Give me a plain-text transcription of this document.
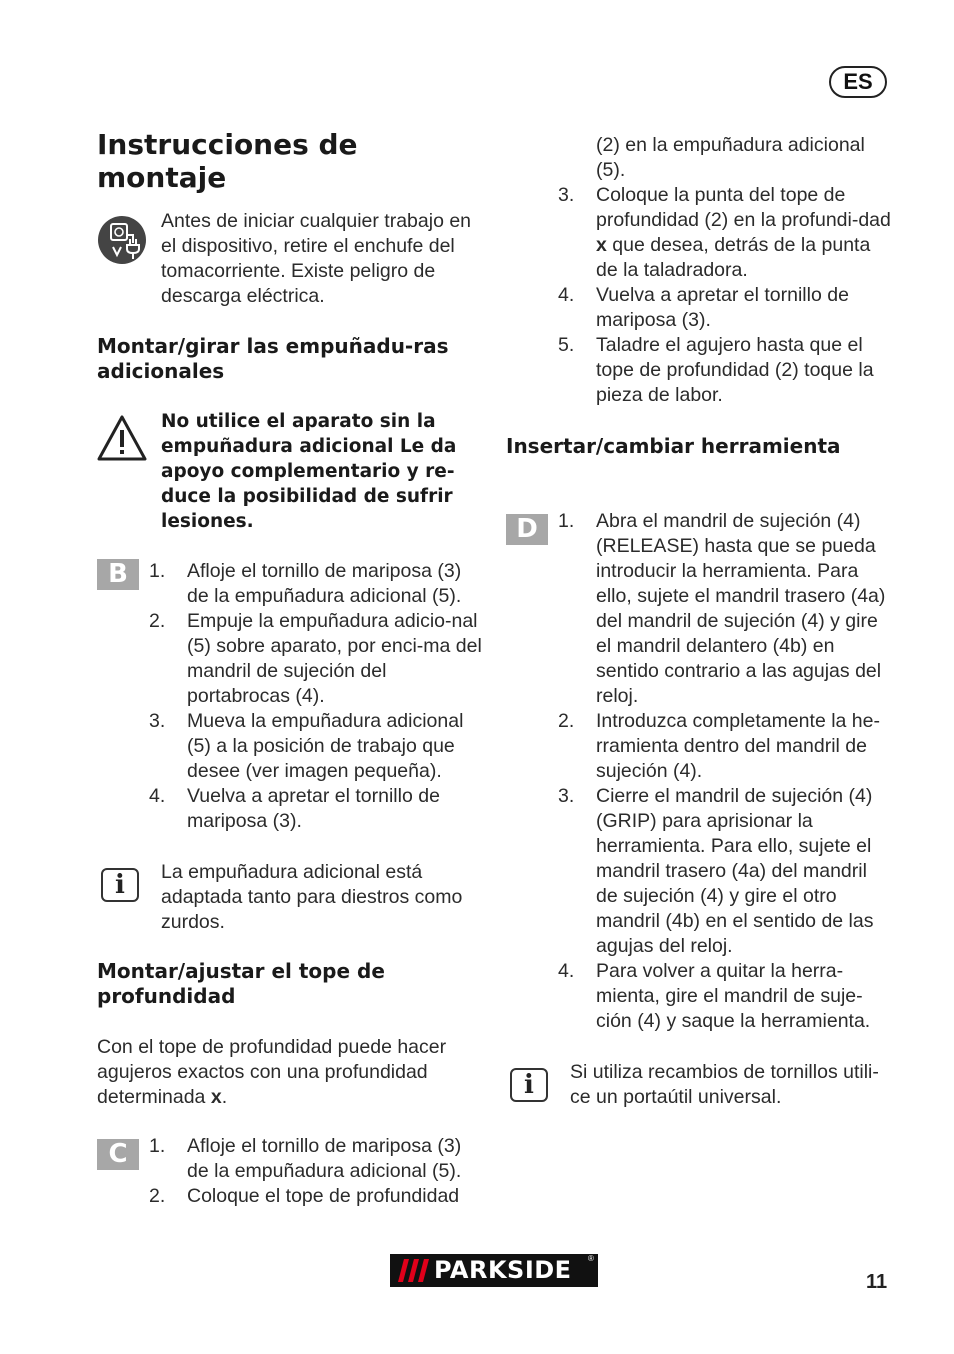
ES
Instrucciones de montaje

Antes de iniciar cualquier trabajo en el dispositivo, retire el enchufe del tomacorriente. Existe peligro de descarga eléctrica.

Montar/girar las empuñadu-ras adicionales

No utilice el aparato sin la empuñadura adicional Le da apoyo complementario y re-duce la posibilidad de sufrir lesiones.

B	1. Afloje el tornillo de mariposa (3) de la empuñadura adicional (5).
2. Empuje la empuñadura adicio-nal (5) sobre aparato, por enci-ma del mandril de sujeción del portabrocas (4).
3. Mueva la empuñadura adicional (5) a la posición de trabajo que desee (ver imagen pequeña).
4. Vuelva a apretar el tornillo de mariposa (3).
i	La empuñadura adicional está adaptada tanto para diestros como zurdos.

Montar/ajustar el tope de profundidad

Con el tope de profundidad puede hacer agujeros exactos con una profundidad determinada x.

C	1. Afloje el tornillo de mariposa (3) de la empuñadura adicional (5).
2. Coloque el tope de profundidad
(2) en la empuñadura adicional (5).
3. Coloque la punta del tope de profundidad (2) en la profundi-dad x que desea, detrás de la punta de la taladradora.
4. Vuelva a apretar el tornillo de mariposa (3).
5. Taladre el agujero hasta que el tope de profundidad (2) toque la pieza de labor.
Insertar/cambiar herramienta
D	1. Abra el mandril de sujeción (4) (RELEASE) hasta que se pueda introducir la herramienta. Para ello, sujete el mandril trasero (4a) del mandril de sujeción (4) y gire el mandril delantero (4b) en sentido contrario a las agujas del reloj.
2. Introduzca completamente la he-rramienta dentro del mandril de sujeción (4).
3. Cierre el mandril de sujeción (4) (GRIP) para aprisionar la herramienta. Para ello, sujete el mandril trasero (4a) del mandril de sujeción (4) y gire el otro mandril (4b) en el sentido de las agujas del reloj.
4. Para volver a quitar la herra-mienta, gire el mandril de suje-ción (4) y saque la herramienta.
i	Si utiliza recambios de tornillos utili-ce un portaútil universal.

PARKSIDE ®
11
